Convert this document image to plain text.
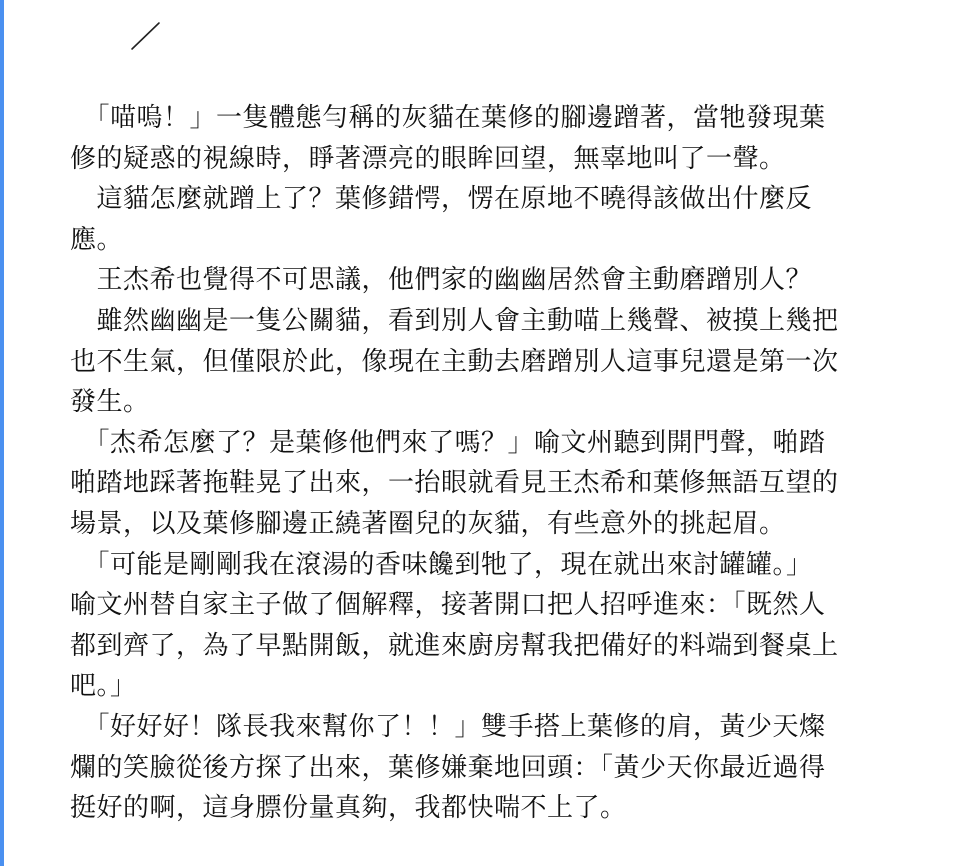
　「喵嗚！」一隻體態勻稱的灰貓在葉修的腳邊蹭著，當牠發現葉
修的疑惑的視線時，睜著漂亮的眼眸回望，無辜地叫了一聲。
　這貓怎麼就蹭上了？葉修錯愕，愣在原地不曉得該做出什麼反
應。
　王杰希也覺得不可思議，他們家的幽幽居然會主動磨蹭別人？
　雖然幽幽是一隻公關貓，看到別人會主動喵上幾聲、被摸上幾把
也不生氣，但僅限於此，像現在主動去磨蹭別人這事兒還是第一次
發生。
　「杰希怎麼了？是葉修他們來了嗎？」喻文州聽到開門聲，啪踏
啪踏地踩著拖鞋晃了出來，一抬眼就看見王杰希和葉修無語互望的
場景，以及葉修腳邊正繞著圈兒的灰貓，有些意外的挑起眉。
　「可能是剛剛我在滾湯的香味饞到牠了，現在就出來討罐罐。」
喻文州替自家主子做了個解釋，接著開口把人招呼進來：「既然人
都到齊了，為了早點開飯，就進來廚房幫我把備好的料端到餐桌上
吧。」
　「好好好！隊長我來幫你了！！」雙手搭上葉修的肩，黃少天燦
爛的笑臉從後方探了出來，葉修嫌棄地回頭：「黃少天你最近過得
挺好的啊，這身膘份量真夠，我都快喘不上了。
